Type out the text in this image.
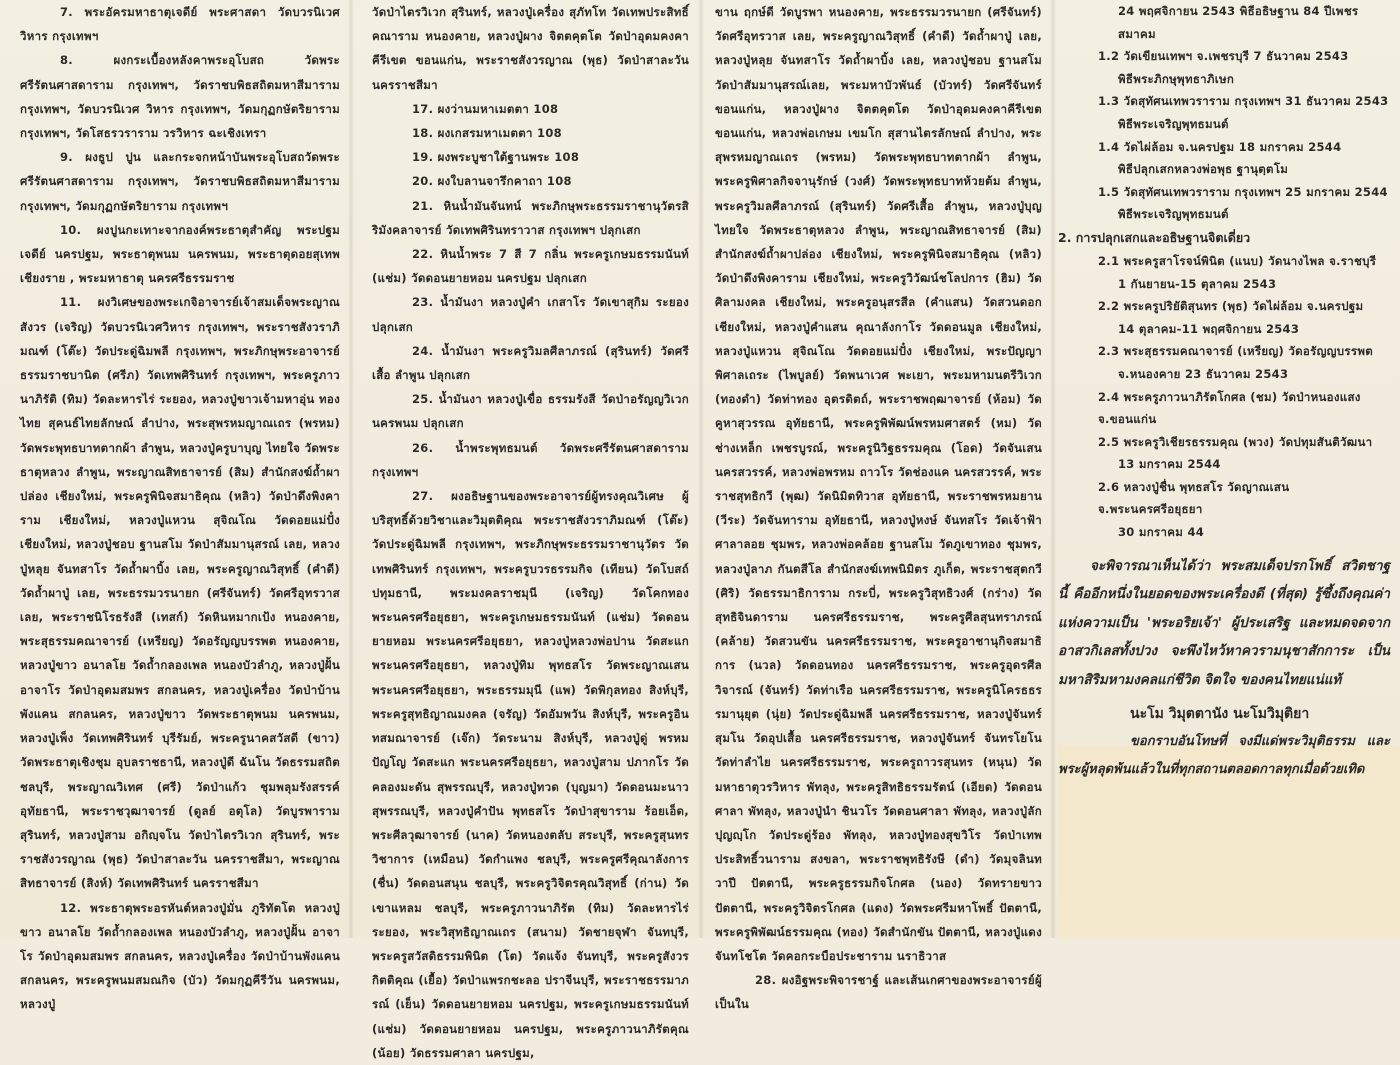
7. พระอัครมหาธาตุเจดีย์ พระศาสดา วัดบวรนิเวศวิหาร กรุงเทพฯ

8. ผงกระเบื้องหลังคาพระอุโบสถ วัดพระศรีรัตนศาสดาราม กรุงเทพฯ, วัดราชบพิธสถิตมหาสีมาราม กรุงเทพฯ, วัดบวรนิเวศ วิหาร กรุงเทพฯ, วัดมกุฏกษัตริยาราม กรุงเทพฯ, วัดโสธรวราราม วรวิหาร ฉะเชิงเทรา

9. ผงธูป ปูน และกระจกหน้าบันพระอุโบสถวัดพระศรีรัตนศาสดาราม กรุงเทพฯ, วัดราชบพิธสถิตมหาสีมาราม กรุงเทพฯ, วัดมกุฏกษัตริยาราม กรุงเทพฯ

10. ผงปูนกะเทาะจากองค์พระธาตุสำคัญ พระปฐมเจดีย์ นครปฐม, พระธาตุพนม นครพนม, พระธาตุดอยสุเทพ เชียงราย , พระมหาธาตุ นครศรีธรรมราช

11. ผงวิเศษของพระเกจิอาจารย์เจ้าสมเด็จพระญาณสังวร (เจริญ) วัดบวรนิเวศวิหาร กรุงเทพฯ, พระราชสังวราภิมณฑ์ (โต๊ะ) วัดประดู่ฉิมพลี กรุงเทพฯ, พระภิกษุพระอาจารย์ธรรมราชบานิต (ศรีภ) วัดเทพศิรินทร์ กรุงเทพฯ, พระครูภาวนาภิรัติ (ทิม) วัดละหารไร่ ระยอง, หลวงปู่ขาวเจ้ามหาอุ่น ทองไทย สุคนธ์ไทยลักษณ์ ลำปาง, พระสุพรหมญาณเถร (พรหม) วัดพระพุทธบาทตากผ้า ลำพูน, หลวงปู่ครูบาบุญ ไทยใจ วัดพระธาตุหลวง ลำพูน, พระญาณสิทธาจารย์ (สิม) สำนักสงฆ์ถ้ำผาปล่อง เชียงใหม่, พระครูพินิจสมาธิคุณ (หลิว) วัดป่าดึงพิงคาราม เชียงใหม่, หลวงปู่แหวน สุจิณโณ วัดดอยแม่ปั๋ง เชียงใหม่, หลวงปู่ชอบ ฐานสโม วัดป่าสัมมานุสรณ์ เลย, หลวงปู่หลุย จันทสาโร วัดถ้ำผาบิ้ง เลย, พระครูญาณวิสุทธิ์ (คำดี) วัดถ้ำผาปู่ เลย, พระธรรมวรนายก (ศรีจันทร์) วัดศรีอุทรวาส เลย, พระราชนิโรธรังสี (เทสก์) วัดหินหมากเป้ง หนองคาย, พระสุธรรมคณาจารย์ (เหรียญ) วัดอรัญญบรรพต หนองคาย, หลวงปู่ขาว อนาลโย วัดถ้ำกลองเพล หนองบัวลำภู, หลวงปู่ฝั้น อาจาโร วัดป่าอุดมสมพร สกลนคร, หลวงปู่เครื่อง วัดป่าบ้านพังแคน สกลนคร, หลวงปู่ขาว วัดพระธาตุพนม นครพนม, หลวงปู่เพ็ง วัดเทพศิรินทร์ บุรีรัมย์, พระครูนาคสวัสดี (ขาว) วัดพระธาตุเชิงชุม อุบลราชธานี, หลวงปู่ดี ฉันโน วัดธรรมสถิต ชลบุรี, พระญาณวิเทศ (ศรี) วัดป่าแก้ว ชุมพลุมรังสรรค์ อุทัยธานี, พระราชวุฒาจารย์ (ดูลย์ อตุโล) วัดบูรพาราม สุรินทร์, หลวงปู่สาม อกิญฺจโน วัดป่าไตรวิเวก สุรินทร์, พระราชสังวรญาณ (พุธ) วัดป่าสาละวัน นครราชสีมา, พระญาณสิทธาจารย์ (สิงห์) วัดเทพศิรินทร์ นครราชสีมา

12. พระธาตุพระอรหันต์หลวงปู่มั่น ภูริทัตโต หลวงปู่ขาว อนาลโย วัดถ้ำกลองเพล หนองบัวลำภู, หลวงปู่ฝั้น อาจาโร วัดป่าอุดมสมพร สกลนคร, หลวงปู่เครื่อง วัดป่าบ้านพังแคน สกลนคร, พระครูพนมสมณกิจ (บัว) วัดมกุฏคีรีวัน นครพนม, หลวงปู่

วัดป่าไตรวิเวก สุรินทร์, หลวงปู่เครื่อง สุภัทโท วัดเทพประสิทธิ์คณาราม หนองคาย, หลวงปู่ผาง จิตตคุตโต วัดป่าอุดมคงคาคีรีเขต ขอนแก่น, พระราชสังวรญาณ (พุธ) วัดป่าสาละวัน นครราชสีมา

17. ผงว่านมหาเมตตา 108

18. ผงเกสรมหาเมตตา 108

19. ผงพระบูชาใต้ฐานพระ 108

20. ผงใบลานจารึกคาถา 108

21. หินน้ำมันจันทน์ พระภิกษุพระธรรมราชานุวัตรสิริมังคลาจารย์ วัดเทพศิรินทราวาส กรุงเทพฯ ปลุกเสก

22. หินน้ำพระ 7 สี 7 กลิ่น พระครูเกษมธรรมนันท์ (แช่ม) วัดดอนยายหอม นครปฐม ปลุกเสก

23. น้ำมันงา หลวงปู่คำ เกสาโร วัดเขาสุกิม ระยอง ปลุกเสก

24. น้ำมันงา พระครูวิมลศีลาภรณ์ (สุรินทร์) วัดศรีเสื้อ ลำพูน ปลุกเสก

25. น้ำมันงา หลวงปู่เขื่อ ธรรมรังสี วัดป่าอรัญญวิเวก นครพนม ปลุกเสก

26. น้ำพระพุทธมนต์ วัดพระศรีรัตนศาสดาราม กรุงเทพฯ

27. ผงอธิษฐานของพระอาจารย์ผู้ทรงคุณวิเศษ ผู้บริสุทธิ์ด้วยวิชาและวิมุตติคุณ พระราชสังวราภิมณฑ์ (โต๊ะ) วัดประดู่ฉิมพลี กรุงเทพฯ, พระภิกษุพระธรรมราชานุวัตร วัดเทพศิรินทร์ กรุงเทพฯ, พระครูบวรธรรมกิจ (เทียน) วัดโบสถ์ ปทุมธานี, พระมงคลราชมุนี (เจริญ) วัดโคกทอง พระนครศรีอยุธยา, พระครูเกษมธรรมนันท์ (แช่ม) วัดดอนยายหอม พระนครศรีอยุธยา, หลวงปู่หลวงพ่อปาน วัดสะแก พระนครศรีอยุธยา, หลวงปู่ทิม พุทธสโร วัดพระญาณเสน พระนครศรีอยุธยา, พระธรรมมุนี (แพ) วัดพิกุลทอง สิงห์บุรี, พระครูสุทธิญาณมงคล (จรัญ) วัดอัมพวัน สิงห์บุรี, พระครูอินทสมณาจารย์ (เจ๊ก) วัดระนาม สิงห์บุรี, หลวงปู่ดู่ พรหมปัญโญ วัดสะแก พระนครศรีอยุธยา, หลวงปู่สาม ปภากโร วัดคลองมะดัน สุพรรณบุรี, หลวงปู่ทวด (บุญมา) วัดดอนมะนาว สุพรรณบุรี, หลวงปู่คำปัน พุทธสโร วัดป่าสุขาราม ร้อยเอ็ด, พระศีลวุฒาจารย์ (นาค) วัดหนองตลับ สระบุรี, พระครูสุนทรวิชาการ (เหมือน) วัดกำแพง ชลบุรี, พระครูศรีคุณาลังการ (ชื่น) วัดดอนสนุน ชลบุรี, พระครูวิจิตรคุณวิสุทธิ์ (ก่าน) วัดเขาแหลม ชลบุรี, พระครูภาวนาภิรัต (ทิม) วัดละหารไร่ ระยอง, พระวิสุทธิญาณเถร (สนาม) วัดชายจุฬา จันทบุรี, พระครูสวัสดิธรรมพินิต (โต) วัดแจ้ง จันทบุรี, พระครูสังวรกิตติคุณ (เยื้อ) วัดป่าแพรกชะลอ ปราจีนบุรี, พระราชธรรมาภรณ์ (เย็น) วัดดอนยายหอม นครปฐม, พระครูเกษมธรรมนันท์ (แช่ม) วัดดอนยายหอม นครปฐม, พระครูภาวนาภิรัตคุณ (น้อย) วัดธรรมศาลา นครปฐม,

ขาน ฤกษ์ดี วัดบูรพา หนองคาย, พระธรรมวรนายก (ศรีจันทร์) วัดศรีอุทรวาส เลย, พระครูญาณวิสุทธิ์ (คำดี) วัดถ้ำผาปู่ เลย, หลวงปู่หลุย จันทสาโร วัดถ้ำผาบิ้ง เลย, หลวงปู่ชอบ ฐานสโม วัดป่าสัมมานุสรณ์เลย, พระมหาบัวพันธ์ (บัวทร์) วัดศรีจันทร์ ขอนแก่น, หลวงปู่ผาง จิตตคุตโต วัดป่าอุดมคงคาคีรีเขต ขอนแก่น, หลวงพ่อเกษม เขมโก สุสานไตรลักษณ์ ลำปาง, พระสุพรหมญาณเถร (พรหม) วัดพระพุทธบาทตากผ้า ลำพูน, พระครูพิศาลกิจจานุรักษ์ (วงศ์) วัดพระพุทธบาทห้วยต้ม ลำพูน, พระครูวิมลศีลาภรณ์ (สุรินทร์) วัดศรีเสื้อ ลำพูน, หลวงปู่บุญ ไทยใจ วัดพระธาตุหลวง ลำพูน, พระญาณสิทธาจารย์ (สิม) สำนักสงฆ์ถ้ำผาปล่อง เชียงใหม่, พระครูพินิจสมาธิคุณ (หลิว) วัดป่าดึงพิงคาราม เชียงใหม่, พระครูวิวัฒน์ชโลปการ (ฮิม) วัดศิลามงคล เชียงใหม่, พระครูอนุสรสีล (คำแสน) วัดสวนดอก เชียงใหม่, หลวงปู่คำแสน คุณาลังกาโร วัดดอนมูล เชียงใหม่, หลวงปู่แหวน สุจิณโณ วัดดอยแม่ปั๋ง เชียงใหม่, พระปัญญาพิศาลเถระ (ไพบูลย์) วัดพนาเวศ พะเยา, พระมหามนตรีวิเวก (ทองดำ) วัดท่าทอง อุตรดิตถ์, พระราชพฤฒาจารย์ (ห้อม) วัดคูหาสุวรรณ อุทัยธานี, พระครูพิพัฒน์พรหมศาสตร์ (หม) วัดช่างเหล็ก เพชรบูรณ์, พระครูนิวิฐธรรมคุณ (โอด) วัดจันเสน นครสวรรค์, หลวงพ่อพรหม ถาวโร วัดช่องแค นครสวรรค์, พระราชสุทธิกวี (พุฒ) วัดนิมิตทิวาส อุทัยธานี, พระราชพรหมยาน (วีระ) วัดจันทาราม อุทัยธานี, หลวงปู่หงษ์ จันทสโร วัดเจ้าฟ้าศาลาลอย ชุมพร, หลวงพ่อคล้อย ฐานสโม วัดภูเขาทอง ชุมพร, หลวงปู่ลาภ กันตสีโล สำนักสงฆ์เทพนิมิตร ภูเก็ต, พระราชสุตกวี (ศิริ) วัดธรรมาธิการาม กระบี่, พระครูวิสุทธิวงศ์ (กร่าง) วัดสุทธิจินดาราม นครศรีธรรมราช, พระครูศีลสุนทราภรณ์ (คล้าย) วัดสวนขัน นครศรีธรรมราช, พระครูอาชานุกิจสมาธิการ (นวล) วัดดอนทอง นครศรีธรรมราช, พระครูอุดรศีลวิจารณ์ (จันทร์) วัดท่าเรือ นครศรีธรรมราช, พระครูนิโครธธรรมานุยุต (นุ่ย) วัดประดู่ฉิมพลี นครศรีธรรมราช, หลวงปู่จันทร์ สุมโน วัดอุปเสื้อ นครศรีธรรมราช, หลวงปู่จันทร์ จันทรโยโน วัดท่าลำไย นครศรีธรรมราช, พระครูถาวรสุนทร (หนุน) วัดมหาธาตุวรวิหาร พัทลุง, พระครูสิทธิธรรมรัตน์ (เอียด) วัดดอนศาลา พัทลุง, หลวงปู่นำ ชินวโร วัดดอนศาลา พัทลุง, หลวงปู่ลัก ปุญญฺโก วัดประดู่ร้อง พัทลุง, หลวงปู่ทองสุขวิโร วัดป่าเทพประสิทธิ์วนาราม สงขลา, พระราชพุทธิรังษี (ดำ) วัดมุจลินทวาปี ปัตตานี, พระครูธรรมกิจโกศล (นอง) วัดทรายขาว ปัตตานี, พระครูวิจิตรโกศล (แดง) วัดพระศรีมหาโพธิ์ ปัตตานี, พระครูพิพัฒน์ธรรมคุณ (ทอง) วัดสำนักขัน ปัตตานี, หลวงปู่แดง จันทโชโต วัดคอกระบือประชาราม นราธิวาส

28. ผงอิฐพระพิจารชาฐ์ และเส้นเกศาของพระอาจารย์ผู้เป็นใน

24 พฤศจิกายน 2543 พิธีอธิษฐาน 84 ปีเพชรสมาคม

1.2 วัดเขียนเทพฯ จ.เพชรบุรี 7 ธันวาคม 2543

พิธีพระภิกษุพุทธาภิเษก

1.3 วัดสุทัศนเทพวราราม กรุงเทพฯ 31 ธันวาคม 2543

พิธีพระเจริญพุทธมนต์

1.4 วัดไผ่ล้อม จ.นครปฐม 18 มกราคม 2544

พิธีปลุกเสกหลวงพ่อพุธ ฐานุตฺตโม

1.5 วัดสุทัศนเทพวราราม กรุงเทพฯ 25 มกราคม 2544

พิธีพระเจริญพุทธมนต์

2. การปลุกเสกและอธิษฐานจิตเดี่ยว

2.1 พระครูสาโรจน์พินิต (แนบ) วัดนางไพล จ.ราชบุรี

1 กันยายน-15 ตุลาคม 2543

2.2 พระครูปริยัติสุนทร (พุธ) วัดไผ่ล้อม จ.นครปฐม

14 ตุลาคม-11 พฤศจิกายน 2543

2.3 พระสุธรรมคณาจารย์ (เหรียญ) วัดอรัญญบรรพต

จ.หนองคาย 23 ธันวาคม 2543

2.4 พระครูภาวนาภิรัตโกศล (ชม) วัดป่าหนองแสง จ.ขอนแก่น

2.5 พระครูวิเชียรธรรมคุณ (พวง) วัดปทุมสันติวัฒนา

13 มกราคม 2544

2.6 หลวงปู่ชื่น พุทธสโร วัดญาณเสน จ.พระนครศรีอยุธยา

30 มกราคม 44

จะพิจารณาเห็นได้ว่า พระสมเด็จปรกโพธิ์ สวิตชาฐ นี้ คืออีกหนึ่งในยอดของพระเครื่องดี (ที่สุด) รู้ซึ้งถึงคุณค่าแห่งความเป็น 'พระอริยเจ้า' ผู้ประเสริฐ และหมดจดจากอาสวกิเลสทั้งปวง จะพึงไหว้หาควรามนุชาสักการะ เป็นมหาสิริมหามงคลแก่ชีวิต จิตใจ ของคนไทยแน่แท้

นะโม วิมุตตานัง นะโมวิมุติยา

ขอกราบอันโทษที่ จงมีแด่พระวิมุติธรรม และพระผู้หลุดพ้นแล้วในที่ทุกสถานตลอดกาลทุกเมื่อด้วยเทิด
